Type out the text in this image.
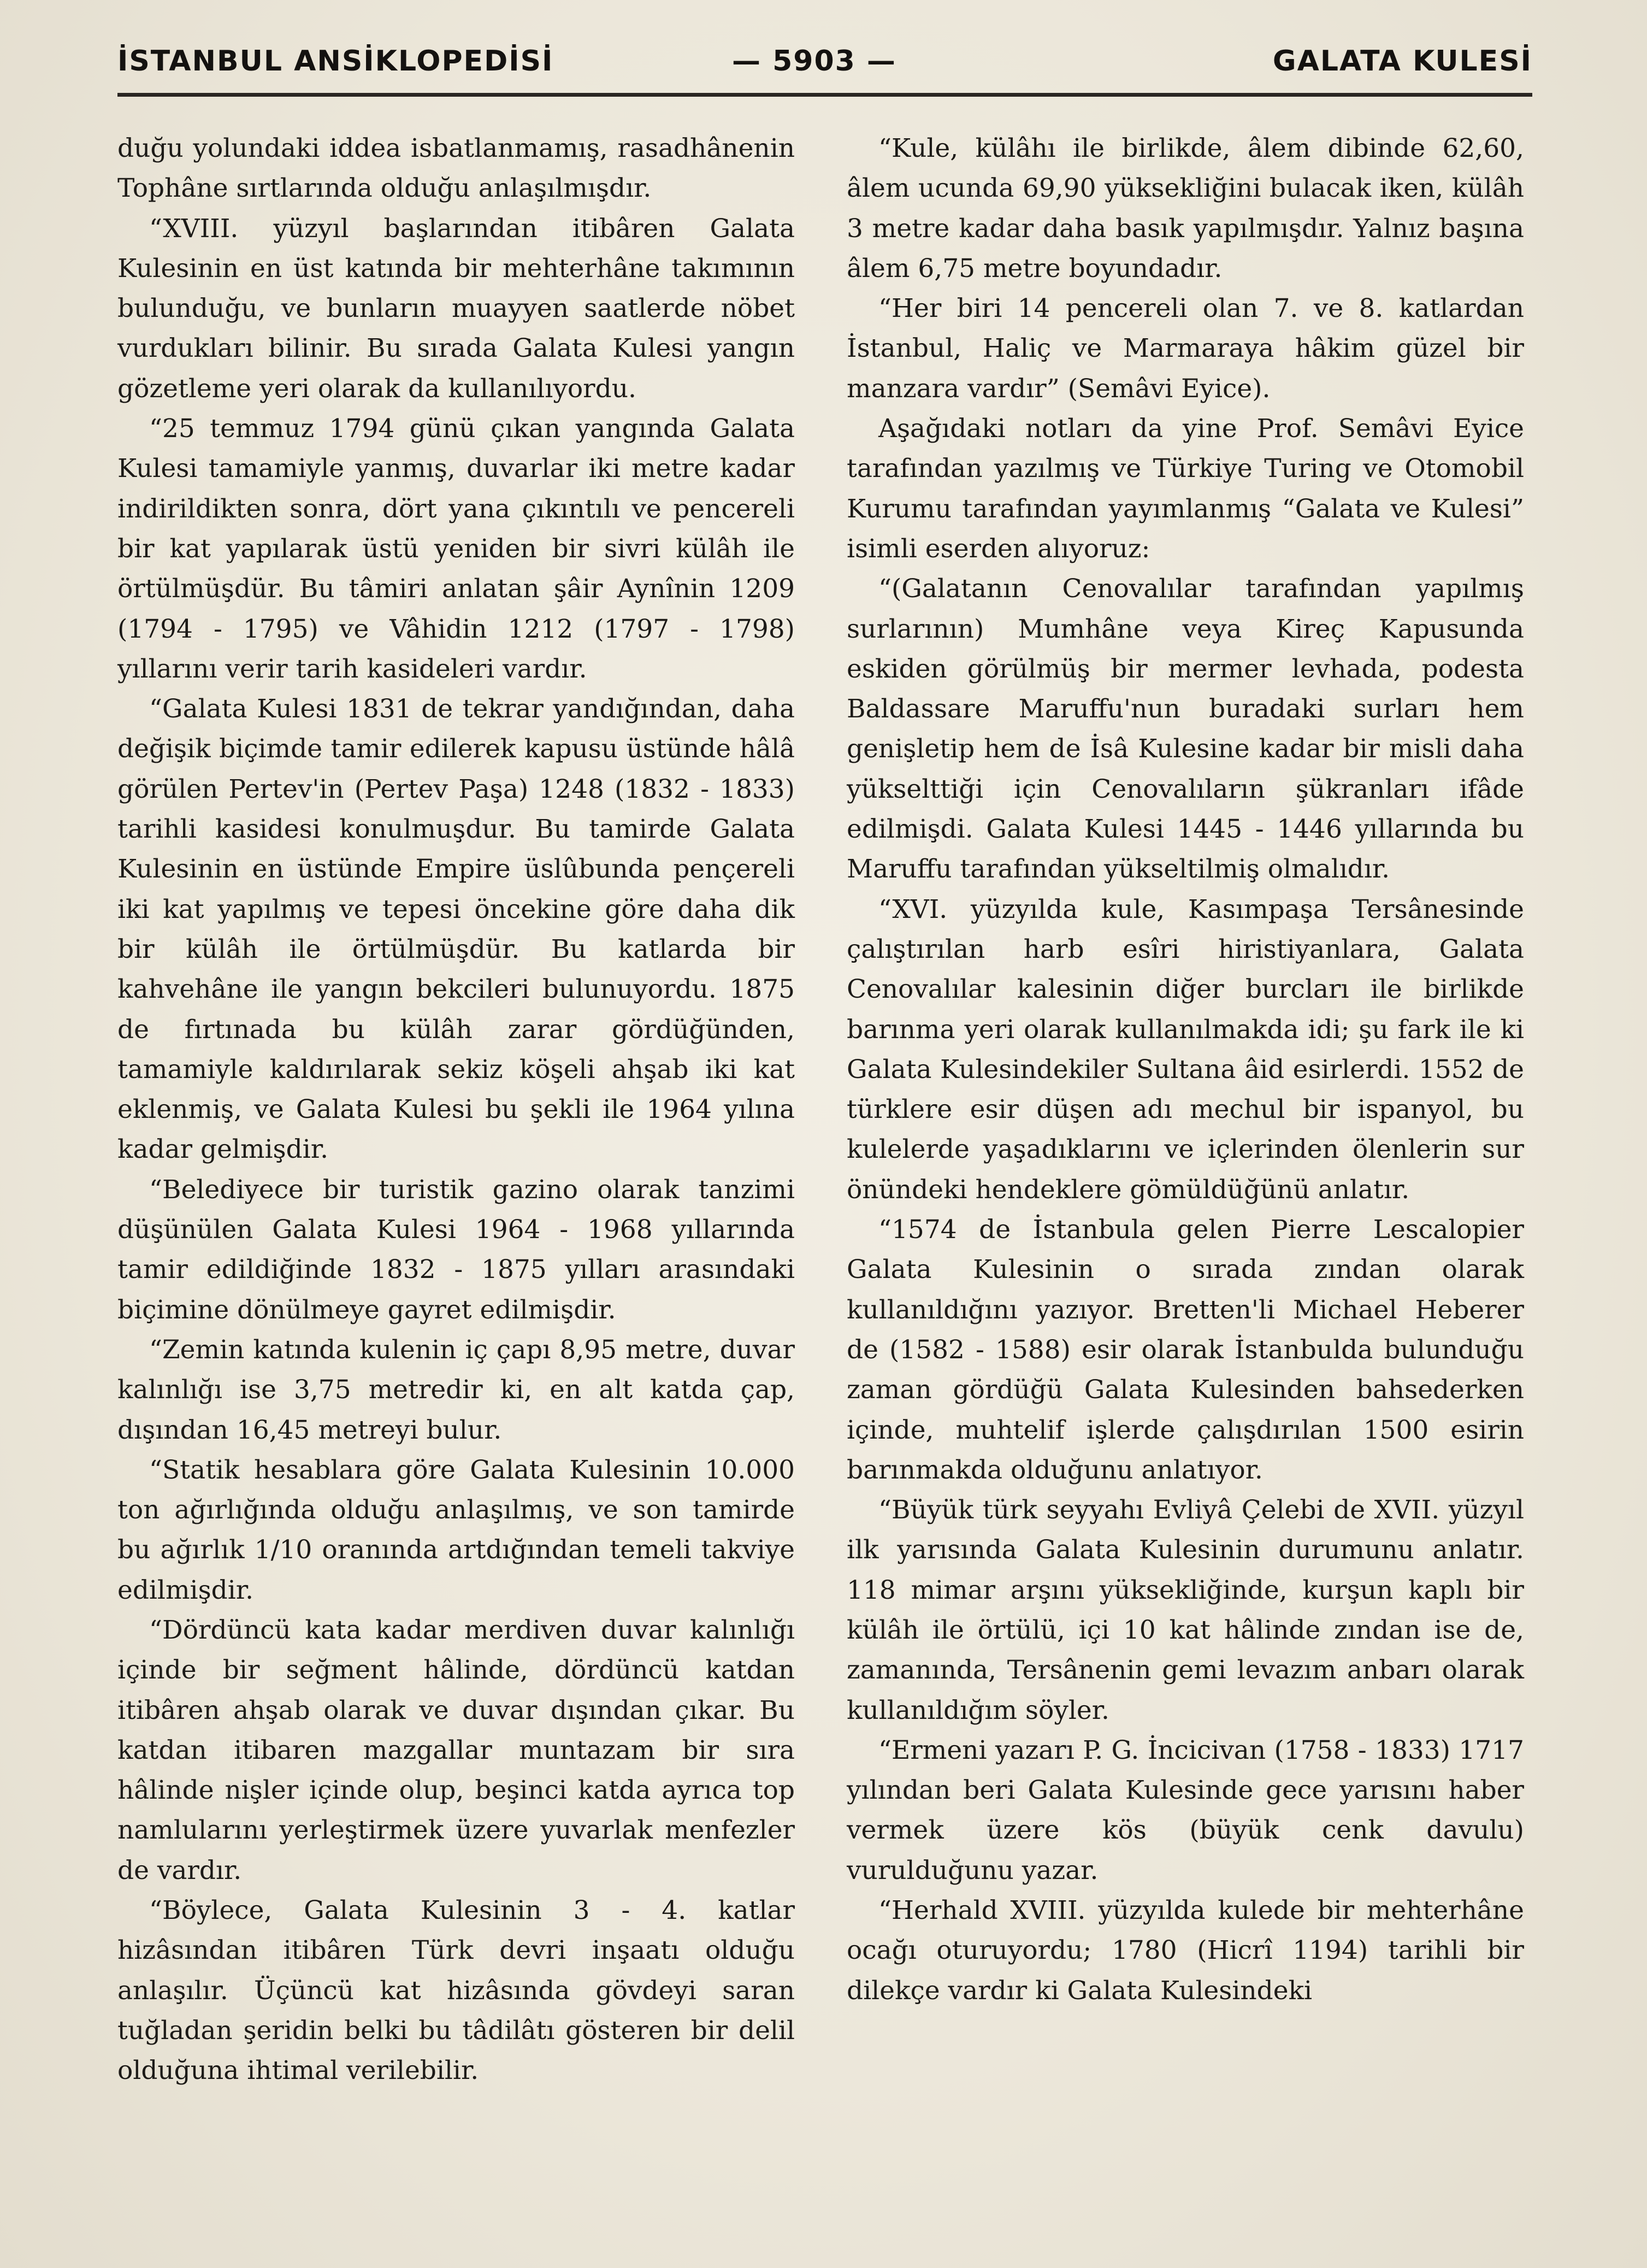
İSTANBUL ANSİKLOPEDİSİ	— 5903 —	GALATA KULESİ

duğu yolundaki iddea isbatlanmamış, rasadhânenin Tophâne sırtlarında olduğu anlaşılmışdır.

“XVIII. yüzyıl başlarından itibâren Galata Kulesinin en üst katında bir mehterhâne takımının bulunduğu, ve bunların muayyen saatlerde nöbet vurdukları bilinir. Bu sırada Galata Kulesi yangın gözetleme yeri olarak da kullanılıyordu.

“25 temmuz 1794 günü çıkan yangında Galata Kulesi tamamiyle yanmış, duvarlar iki metre kadar indirildikten sonra, dört yana çıkıntılı ve pencereli bir kat yapılarak üstü yeniden bir sivri külâh ile örtülmüşdür. Bu tâmiri anlatan şâir Aynînin 1209 (1794 - 1795) ve Vâhidin 1212 (1797 - 1798) yıllarını verir tarih kasideleri vardır.

“Galata Kulesi 1831 de tekrar yandığından, daha değişik biçimde tamir edilerek kapusu üstünde hâlâ görülen Pertev'in (Pertev Paşa) 1248 (1832 - 1833) tarihli kasidesi konulmuşdur. Bu tamirde Galata Kulesinin en üstünde Empire üslûbunda pençereli iki kat yapılmış ve tepesi öncekine göre daha dik bir külâh ile örtülmüşdür. Bu katlarda bir kahvehâne ile yangın bekcileri bulunuyordu. 1875 de fırtınada bu külâh zarar gördüğünden, tamamiyle kaldırılarak sekiz köşeli ahşab iki kat eklenmiş, ve Galata Kulesi bu şekli ile 1964 yılına kadar gelmişdir.

“Belediyece bir turistik gazino olarak tanzimi düşünülen Galata Kulesi 1964 - 1968 yıllarında tamir edildiğinde 1832 - 1875 yılları arasındaki biçimine dönülmeye gayret edilmişdir.

“Zemin katında kulenin iç çapı 8,95 metre, duvar kalınlığı ise 3,75 metredir ki, en alt katda çap, dışından 16,45 metreyi bulur.

“Statik hesablara göre Galata Kulesinin 10.000 ton ağırlığında olduğu anlaşılmış, ve son tamirde bu ağırlık 1/10 oranında artdığından temeli takviye edilmişdir.

“Dördüncü kata kadar merdiven duvar kalınlığı içinde bir seğment hâlinde, dördüncü katdan itibâren ahşab olarak ve duvar dışından çıkar. Bu katdan itibaren mazgallar muntazam bir sıra hâlinde nişler içinde olup, beşinci katda ayrıca top namlularını yerleştirmek üzere yuvarlak menfezler de vardır.

“Böylece, Galata Kulesinin 3 - 4. katlar hizâsından itibâren Türk devri inşaatı olduğu anlaşılır. Üçüncü kat hizâsında gövdeyi saran tuğladan şeridin belki bu tâdilâtı gösteren bir delil olduğuna ihtimal verilebilir.

“Kule, külâhı ile birlikde, âlem dibinde 62,60, âlem ucunda 69,90 yüksekliğini bulacak iken, külâh 3 metre kadar daha basık yapılmışdır. Yalnız başına âlem 6,75 metre boyundadır.

“Her biri 14 pencereli olan 7. ve 8. katlardan İstanbul, Haliç ve Marmaraya hâkim güzel bir manzara vardır” (Semâvi Eyice).

Aşağıdaki notları da yine Prof. Semâvi Eyice tarafından yazılmış ve Türkiye Turing ve Otomobil Kurumu tarafından yayımlanmış “Galata ve Kulesi” isimli eserden alıyoruz:

“(Galatanın Cenovalılar tarafından yapılmış surlarının) Mumhâne veya Kireç Kapusunda eskiden görülmüş bir mermer levhada, podesta Baldassare Maruffu'nun buradaki surları hem genişletip hem de İsâ Kulesine kadar bir misli daha yükselttiği için Cenovalıların şükranları ifâde edilmişdi. Galata Kulesi 1445 - 1446 yıllarında bu Maruffu tarafından yükseltilmiş olmalıdır.

“XVI. yüzyılda kule, Kasımpaşa Tersânesinde çalıştırılan harb esîri hiristiyanlara, Galata Cenovalılar kalesinin diğer burcları ile birlikde barınma yeri olarak kullanılmakda idi; şu fark ile ki Galata Kulesindekiler Sultana âid esirlerdi. 1552 de türklere esir düşen adı mechul bir ispanyol, bu kulelerde yaşadıklarını ve içlerinden ölenlerin sur önündeki hendeklere gömüldüğünü anlatır.

“1574 de İstanbula gelen Pierre Lescalopier Galata Kulesinin o sırada zından olarak kullanıldığını yazıyor. Bretten'li Michael Heberer de (1582 - 1588) esir olarak İstanbulda bulunduğu zaman gördüğü Galata Kulesinden bahsederken içinde, muhtelif işlerde çalışdırılan 1500 esirin barınmakda olduğunu anlatıyor.

“Büyük türk seyyahı Evliyâ Çelebi de XVII. yüzyıl ilk yarısında Galata Kulesinin durumunu anlatır. 118 mimar arşını yüksekliğinde, kurşun kaplı bir külâh ile örtülü, içi 10 kat hâlinde zından ise de, zamanında, Tersânenin gemi levazım anbarı olarak kullanıldığım söyler.

“Ermeni yazarı P. G. İncicivan (1758 - 1833) 1717 yılından beri Galata Kulesinde gece yarısını haber vermek üzere kös (büyük cenk davulu) vurulduğunu yazar.

“Herhald XVIII. yüzyılda kulede bir mehterhâne ocağı oturuyordu; 1780 (Hicrî 1194) tarihli bir dilekçe vardır ki Galata Kulesindeki
